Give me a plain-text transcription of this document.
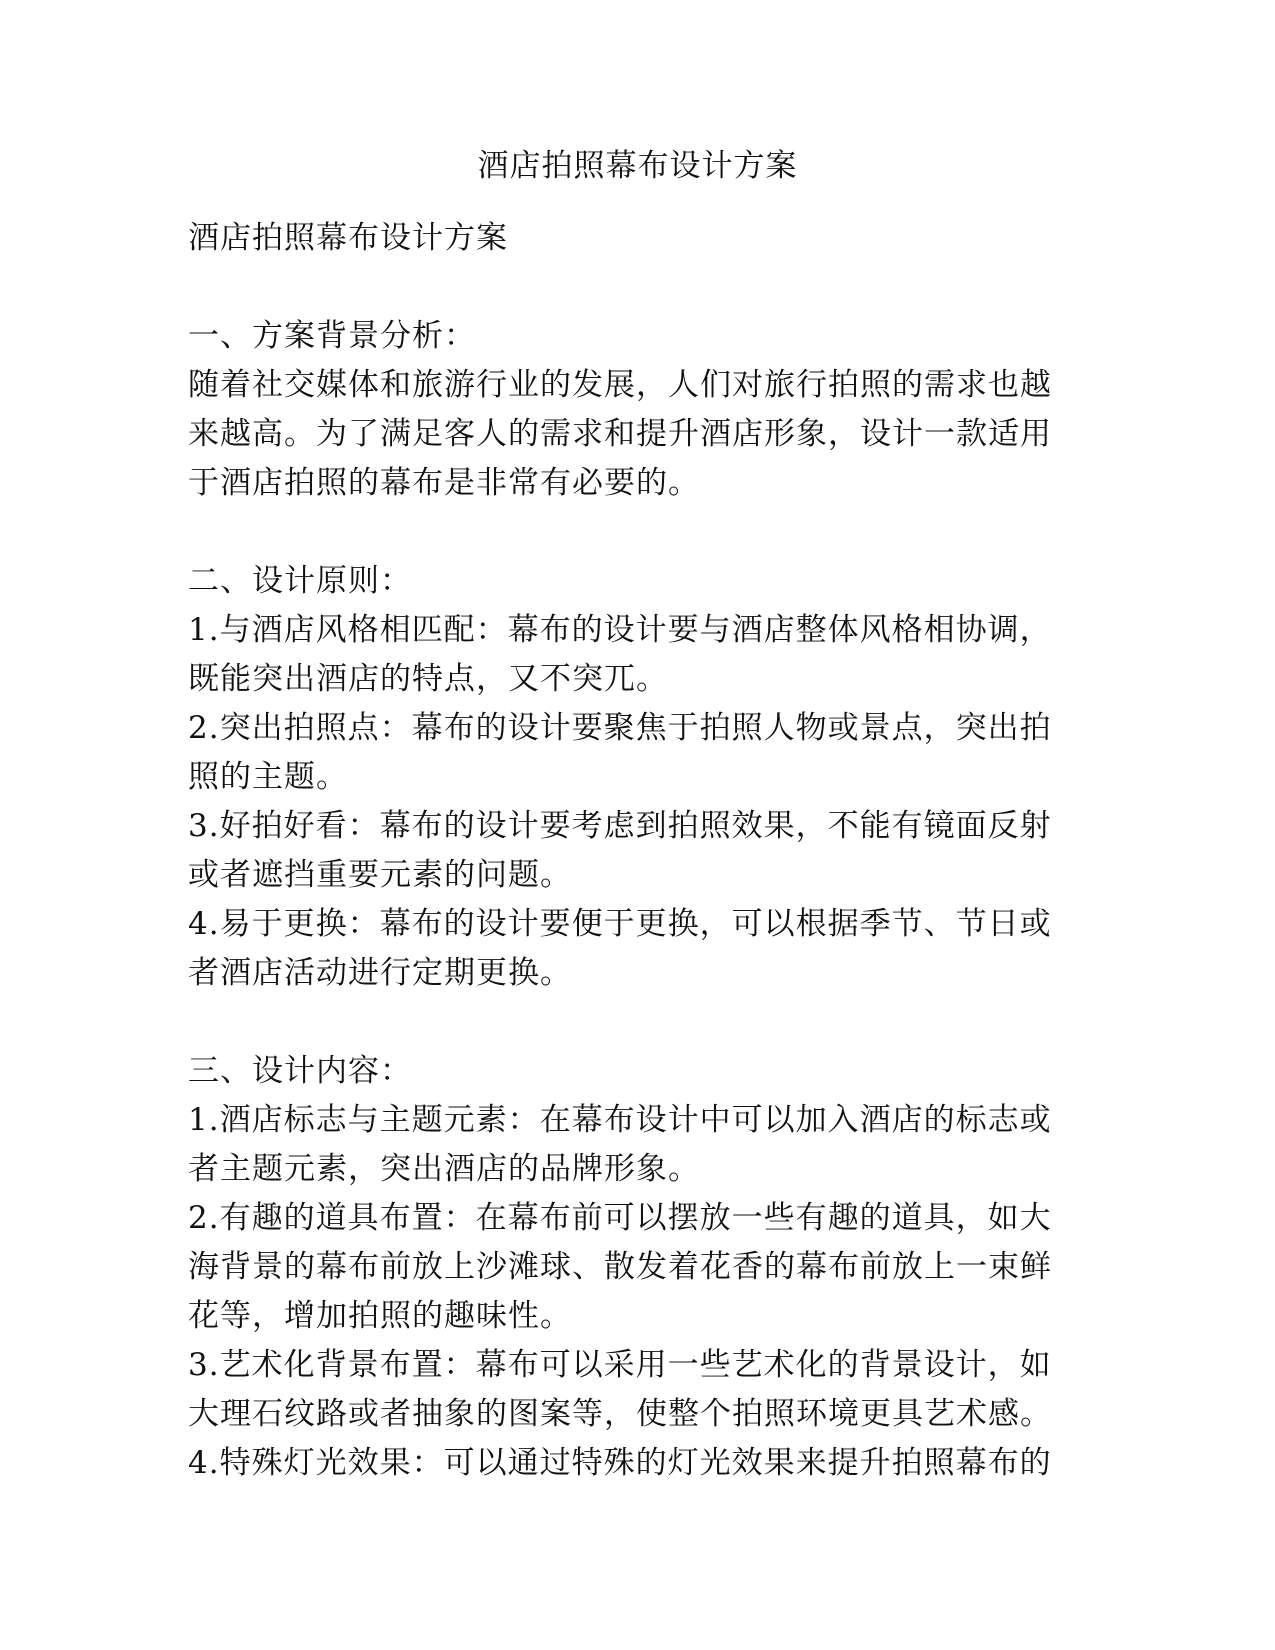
酒店拍照幕布设计方案
酒店拍照幕布设计方案
一、方案背景分析：
随着社交媒体和旅游行业的发展，人们对旅行拍照的需求也越
来越高。为了满足客人的需求和提升酒店形象，设计一款适用
于酒店拍照的幕布是非常有必要的。
二、设计原则：
1.与酒店风格相匹配：幕布的设计要与酒店整体风格相协调，
既能突出酒店的特点，又不突兀。
2.突出拍照点：幕布的设计要聚焦于拍照人物或景点，突出拍
照的主题。
3.好拍好看：幕布的设计要考虑到拍照效果，不能有镜面反射
或者遮挡重要元素的问题。
4.易于更换：幕布的设计要便于更换，可以根据季节、节日或
者酒店活动进行定期更换。
三、设计内容：
1.酒店标志与主题元素：在幕布设计中可以加入酒店的标志或
者主题元素，突出酒店的品牌形象。
2.有趣的道具布置：在幕布前可以摆放一些有趣的道具，如大
海背景的幕布前放上沙滩球、散发着花香的幕布前放上一束鲜
花等，增加拍照的趣味性。
3.艺术化背景布置：幕布可以采用一些艺术化的背景设计，如
大理石纹路或者抽象的图案等，使整个拍照环境更具艺术感。
4.特殊灯光效果：可以通过特殊的灯光效果来提升拍照幕布的
